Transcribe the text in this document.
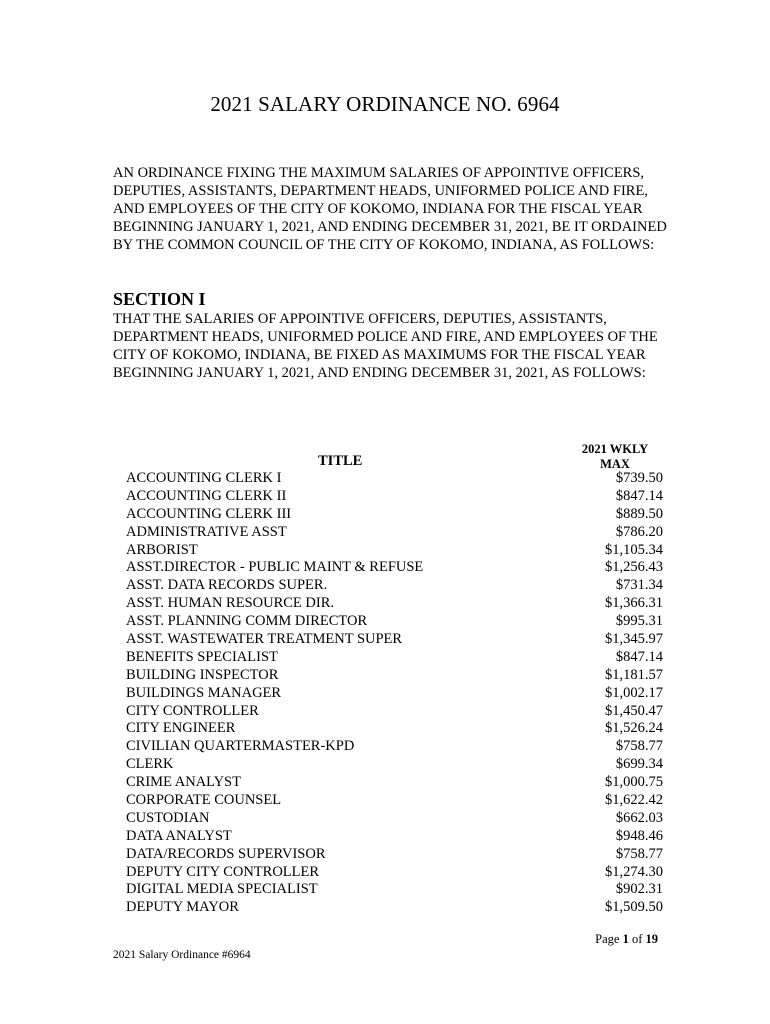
2021 SALARY ORDINANCE NO. 6964

AN ORDINANCE FIXING THE MAXIMUM SALARIES OF APPOINTIVE OFFICERS, DEPUTIES, ASSISTANTS, DEPARTMENT HEADS, UNIFORMED POLICE AND FIRE, AND EMPLOYEES OF THE CITY OF KOKOMO, INDIANA FOR THE FISCAL YEAR BEGINNING JANUARY 1, 2021, AND ENDING DECEMBER 31, 2021, BE IT ORDAINED BY THE COMMON COUNCIL OF THE CITY OF KOKOMO, INDIANA, AS FOLLOWS:

SECTION I

THAT THE SALARIES OF APPOINTIVE OFFICERS, DEPUTIES, ASSISTANTS, DEPARTMENT HEADS, UNIFORMED POLICE AND FIRE, AND EMPLOYEES OF THE CITY OF KOKOMO, INDIANA, BE FIXED AS MAXIMUMS FOR THE FISCAL YEAR BEGINNING JANUARY 1, 2021, AND ENDING DECEMBER 31, 2021, AS FOLLOWS:

TITLE
2021 WKLY
MAX
ACCOUNTING CLERK I	$739.50
ACCOUNTING CLERK II	$847.14
ACCOUNTING CLERK III	$889.50
ADMINISTRATIVE ASST	$786.20
ARBORIST	$1,105.34
ASST.DIRECTOR - PUBLIC MAINT & REFUSE	$1,256.43
ASST. DATA RECORDS SUPER.	$731.34
ASST. HUMAN RESOURCE DIR.	$1,366.31
ASST. PLANNING COMM DIRECTOR	$995.31
ASST. WASTEWATER TREATMENT SUPER	$1,345.97
BENEFITS SPECIALIST	$847.14
BUILDING INSPECTOR	$1,181.57
BUILDINGS MANAGER	$1,002.17
CITY CONTROLLER	$1,450.47
CITY ENGINEER	$1,526.24
CIVILIAN QUARTERMASTER-KPD	$758.77
CLERK	$699.34
CRIME ANALYST	$1,000.75
CORPORATE COUNSEL	$1,622.42
CUSTODIAN	$662.03
DATA ANALYST	$948.46
DATA/RECORDS SUPERVISOR	$758.77
DEPUTY CITY CONTROLLER	$1,274.30
DIGITAL MEDIA SPECIALIST	$902.31
DEPUTY MAYOR	$1,509.50
Page 1 of 19
2021 Salary Ordinance #6964
